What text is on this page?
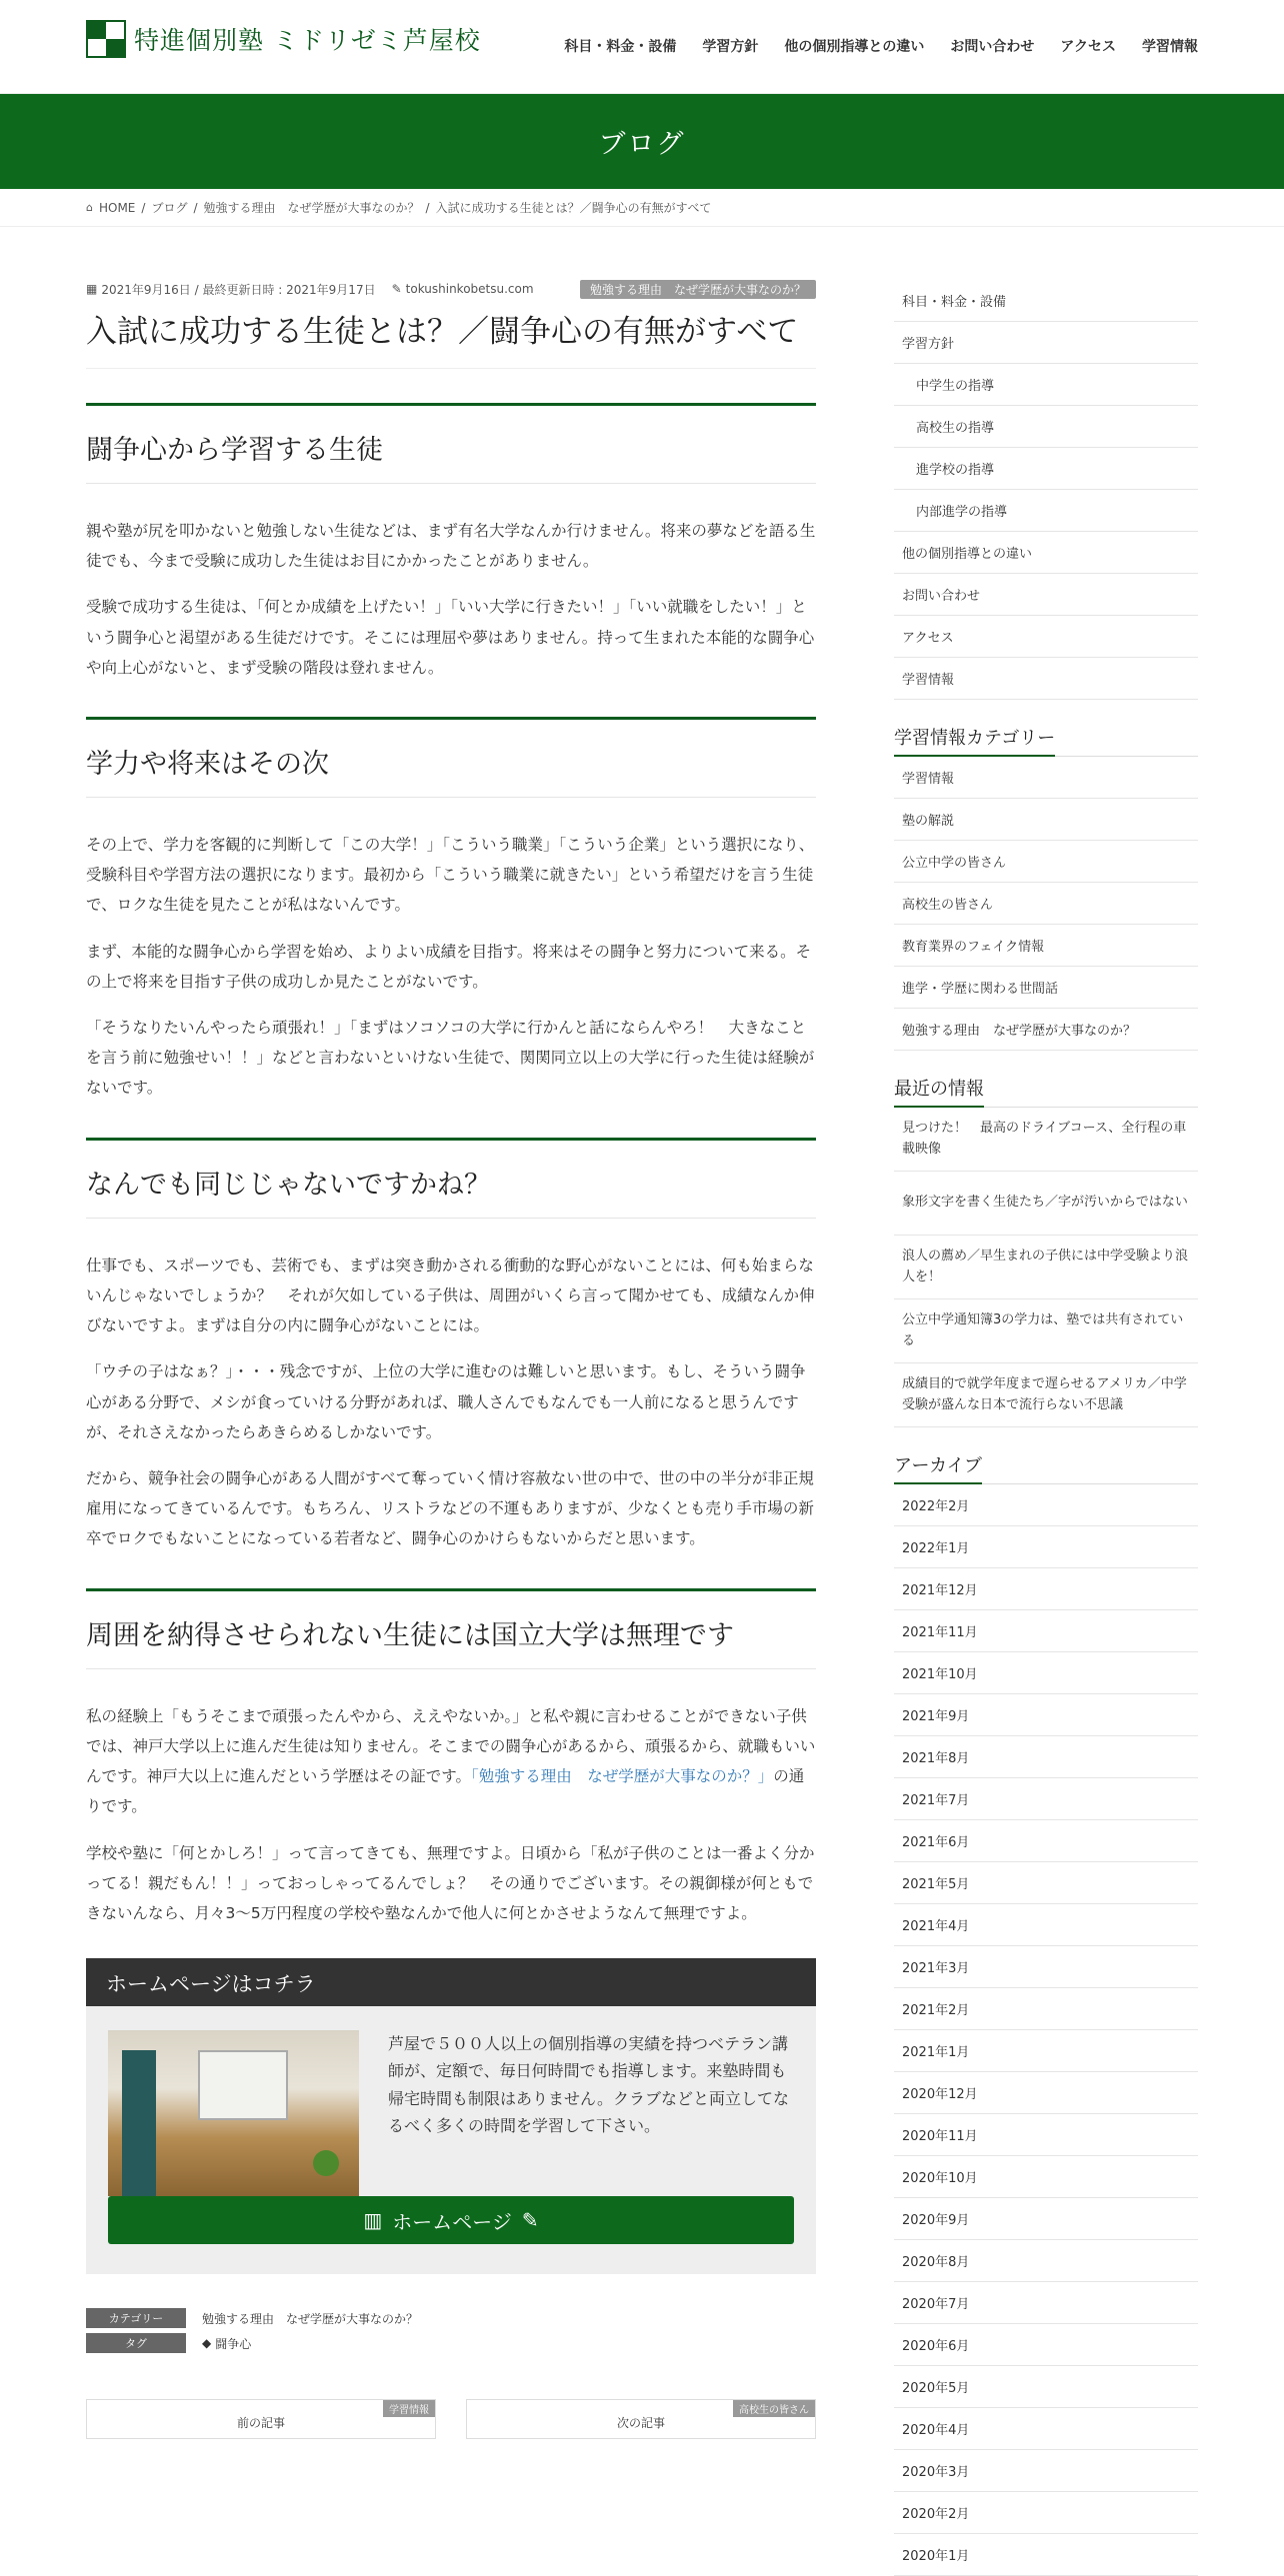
特進個別塾 ミドリゼミ芦屋校	科目・料金・設備 学習方針 他の個別指導との違い お問い合わせ アクセス 学習情報
ブログ
⌂ HOME / ブログ / 勉強する理由　なぜ学歴が大事なのか？ / 入試に成功する生徒とは？／闘争心の有無がすべて
▦ 2021年9月16日 / 最終更新日時 : 2021年9月17日 ✎ tokushinkobetsu.com	勉強する理由　なぜ学歴が大事なのか？
入試に成功する生徒とは？／闘争心の有無がすべて
闘争心から学習する生徒

親や塾が尻を叩かないと勉強しない生徒などは、まず有名大学なんか行けません。将来の夢などを語る生徒でも、今まで受験に成功した生徒はお目にかかったことがありません。

受験で成功する生徒は、「何とか成績を上げたい！」「いい大学に行きたい！」「いい就職をしたい！」という闘争心と渇望がある生徒だけです。そこには理屈や夢はありません。持って生まれた本能的な闘争心や向上心がないと、まず受験の階段は登れません。

学力や将来はその次

その上で、学力を客観的に判断して「この大学！」「こういう職業」「こういう企業」という選択になり、受験科目や学習方法の選択になります。最初から「こういう職業に就きたい」という希望だけを言う生徒で、ロクな生徒を見たことが私はないんです。

まず、本能的な闘争心から学習を始め、よりよい成績を目指す。将来はその闘争と努力について来る。その上で将来を目指す子供の成功しか見たことがないです。

「そうなりたいんやったら頑張れ！」「まずはソコソコの大学に行かんと話にならんやろ！　大きなことを言う前に勉強せい！！」などと言わないといけない生徒で、関関同立以上の大学に行った生徒は経験がないです。

なんでも同じじゃないですかね？

仕事でも、スポーツでも、芸術でも、まずは突き動かされる衝動的な野心がないことには、何も始まらないんじゃないでしょうか？　それが欠如している子供は、周囲がいくら言って聞かせても、成績なんか伸びないですよ。まずは自分の内に闘争心がないことには。

「ウチの子はなぁ？」・・・残念ですが、上位の大学に進むのは難しいと思います。もし、そういう闘争心がある分野で、メシが食っていける分野があれば、職人さんでもなんでも一人前になると思うんですが、それさえなかったらあきらめるしかないです。

だから、競争社会の闘争心がある人間がすべて奪っていく情け容赦ない世の中で、世の中の半分が非正規雇用になってきているんです。もちろん、リストラなどの不運もありますが、少なくとも売り手市場の新卒でロクでもないことになっている若者など、闘争心のかけらもないからだと思います。

周囲を納得させられない生徒には国立大学は無理です

私の経験上「もうそこまで頑張ったんやから、ええやないか。」と私や親に言わせることができない子供では、神戸大学以上に進んだ生徒は知りません。そこまでの闘争心があるから、頑張るから、就職もいいんです。神戸大以上に進んだという学歴はその証です。「勉強する理由　なぜ学歴が大事なのか？」の通りです。

学校や塾に「何とかしろ！」って言ってきても、無理ですよ。日頃から「私が子供のことは一番よく分かってる！親だもん！！」っておっしゃってるんでしょ？　その通りでございます。その親御様が何ともできないんなら、月々3～5万円程度の学校や塾なんかで他人に何とかさせようなんて無理ですよ。

ホームページはコチラ

芦屋で５００人以上の個別指導の実績を持つベテラン講師が、定額で、毎日何時間でも指導します。来塾時間も帰宅時間も制限はありません。クラブなどと両立してなるべく多くの時間を学習して下さい。

▥ ホームページ ✎
カテゴリー	勉強する理由　なぜ学歴が大事なのか？
タグ	◆ 闘争心
学習情報
前の記事
高校生の皆さん
次の記事
科目・料金・設備
学習方針
中学生の指導
高校生の指導
進学校の指導
内部進学の指導
他の個別指導との違い
お問い合わせ
アクセス
学習情報
学習情報カテゴリー
学習情報
塾の解説
公立中学の皆さん
高校生の皆さん
教育業界のフェイク情報
進学・学歴に関わる世間話
勉強する理由　なぜ学歴が大事なのか？
最近の情報
見つけた！　最高のドライブコース、全行程の車載映像
象形文字を書く生徒たち／字が汚いからではない
浪人の薦め／早生まれの子供には中学受験より浪人を！
公立中学通知簿3の学力は、塾では共有されている
成績目的で就学年度まで遅らせるアメリカ／中学受験が盛んな日本で流行らない不思議
アーカイブ
2022年2月
2022年1月
2021年12月
2021年11月
2021年10月
2021年9月
2021年8月
2021年7月
2021年6月
2021年5月
2021年4月
2021年3月
2021年2月
2021年1月
2020年12月
2020年11月
2020年10月
2020年9月
2020年8月
2020年7月
2020年6月
2020年5月
2020年4月
2020年3月
2020年2月
2020年1月
